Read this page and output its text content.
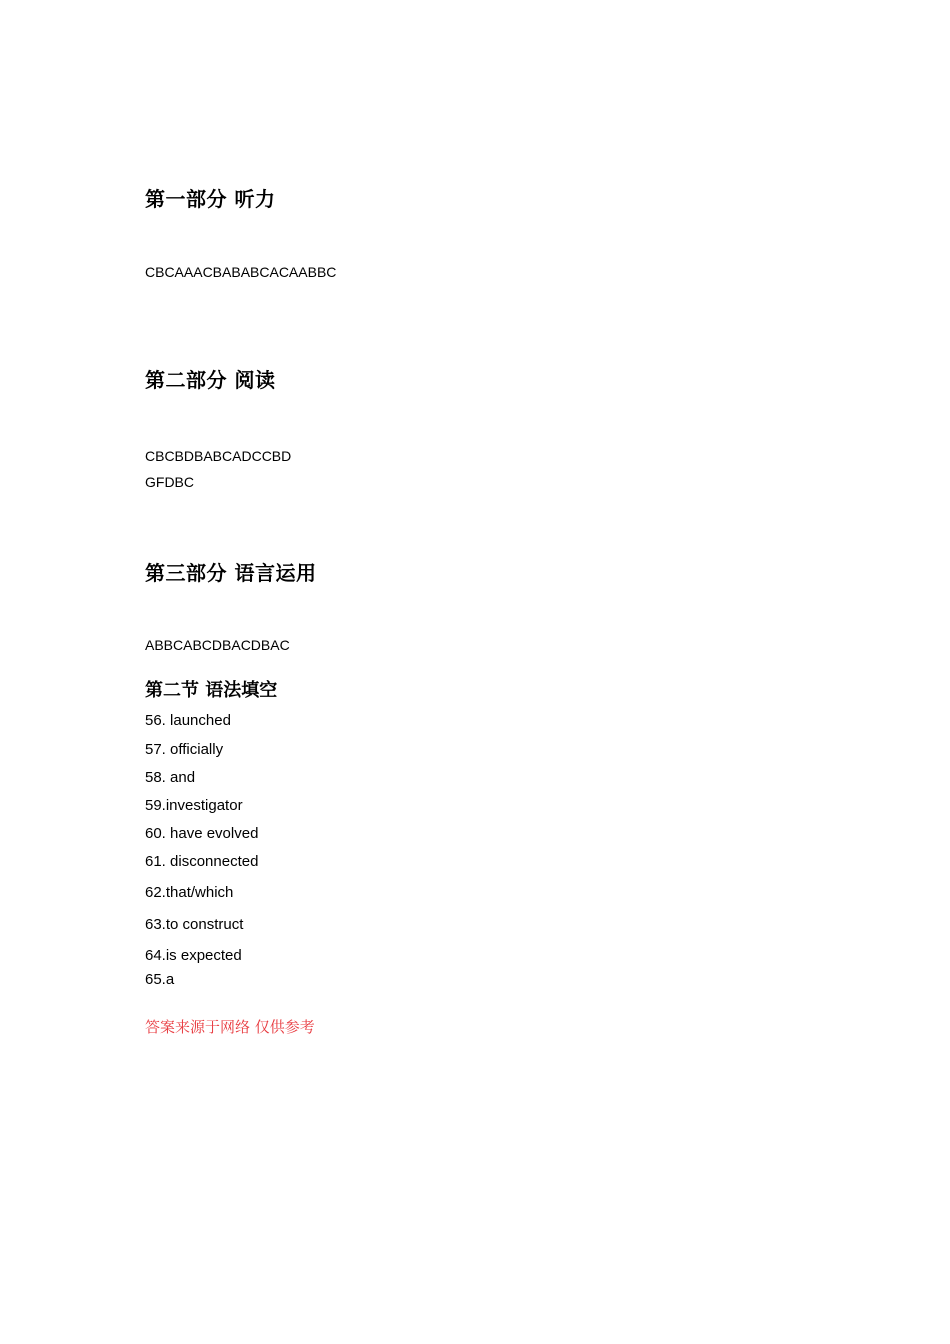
第一部分 听力
CBCAAACBABABCACAABBC
第二部分 阅读
CBCBDBABCADCCBD
GFDBC
第三部分 语言运用
ABBCABCDBACDBAC
第二节 语法填空
56. launched
57. officially
58. and
59.investigator
60. have evolved
61. disconnected
62.that/which
63.to construct
64.is expected
65.a
答案来源于网络 仅供参考
